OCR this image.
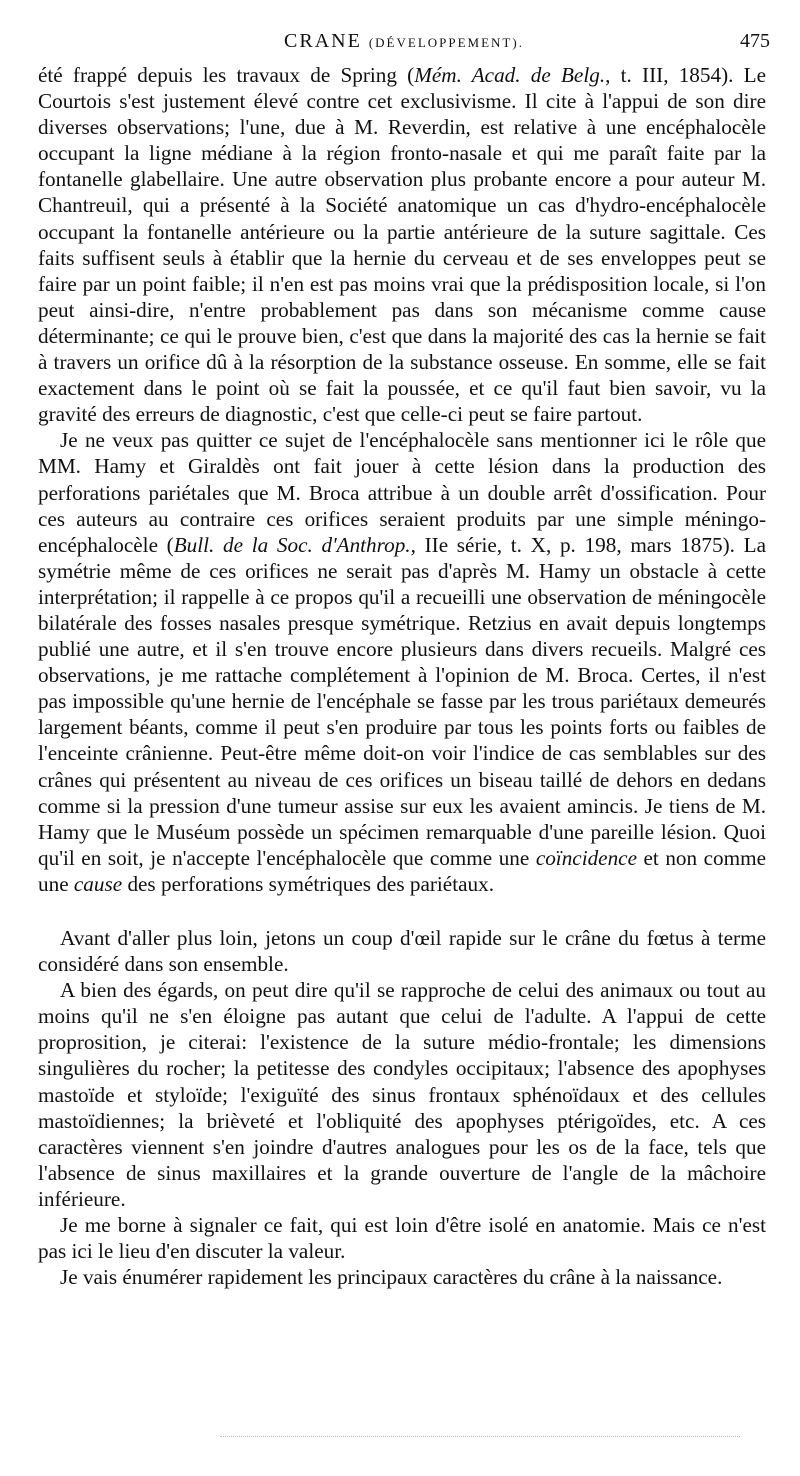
CRANE (DÉVELOPPEMENT).	475

été frappé depuis les travaux de Spring (Mém. Acad. de Belg., t. III, 1854). Le Courtois s'est justement élevé contre cet exclusivisme. Il cite à l'appui de son dire diverses observations; l'une, due à M. Reverdin, est relative à une encéphalocèle occupant la ligne médiane à la région fronto-nasale et qui me paraît faite par la fontanelle glabellaire. Une autre observation plus probante encore a pour auteur M. Chantreuil, qui a présenté à la Société anatomique un cas d'hydro-encéphalocèle occupant la fontanelle antérieure ou la partie antérieure de la suture sagittale. Ces faits suffisent seuls à établir que la hernie du cerveau et de ses enveloppes peut se faire par un point faible; il n'en est pas moins vrai que la prédisposition locale, si l'on peut ainsi-dire, n'entre probablement pas dans son mécanisme comme cause déterminante; ce qui le prouve bien, c'est que dans la majorité des cas la hernie se fait à travers un orifice dû à la résorption de la substance osseuse. En somme, elle se fait exactement dans le point où se fait la poussée, et ce qu'il faut bien savoir, vu la gravité des erreurs de diagnostic, c'est que celle-ci peut se faire partout.

Je ne veux pas quitter ce sujet de l'encéphalocèle sans mentionner ici le rôle que MM. Hamy et Giraldès ont fait jouer à cette lésion dans la production des perforations pariétales que M. Broca attribue à un double arrêt d'ossification. Pour ces auteurs au contraire ces orifices seraient produits par une simple méningo-encéphalocèle (Bull. de la Soc. d'Anthrop., IIe série, t. X, p. 198, mars 1875). La symétrie même de ces orifices ne serait pas d'après M. Hamy un obstacle à cette interprétation; il rappelle à ce propos qu'il a recueilli une observation de méningocèle bilatérale des fosses nasales presque symétrique. Retzius en avait depuis longtemps publié une autre, et il s'en trouve encore plusieurs dans divers recueils. Malgré ces observations, je me rattache complétement à l'opinion de M. Broca. Certes, il n'est pas impossible qu'une hernie de l'encéphale se fasse par les trous pariétaux demeurés largement béants, comme il peut s'en produire par tous les points forts ou faibles de l'enceinte crânienne. Peut-être même doit-on voir l'indice de cas semblables sur des crânes qui présentent au niveau de ces orifices un biseau taillé de dehors en dedans comme si la pression d'une tumeur assise sur eux les avaient amincis. Je tiens de M. Hamy que le Muséum possède un spécimen remarquable d'une pareille lésion. Quoi qu'il en soit, je n'accepte l'encéphalocèle que comme une coïncidence et non comme une cause des perforations symétriques des pariétaux.

Avant d'aller plus loin, jetons un coup d'œil rapide sur le crâne du fœtus à terme considéré dans son ensemble.

A bien des égards, on peut dire qu'il se rapproche de celui des animaux ou tout au moins qu'il ne s'en éloigne pas autant que celui de l'adulte. A l'appui de cette proprosition, je citerai: l'existence de la suture médio-frontale; les dimensions singulières du rocher; la petitesse des condyles occipitaux; l'absence des apophyses mastoïde et styloïde; l'exiguïté des sinus frontaux sphénoïdaux et des cellules mastoïdiennes; la brièveté et l'obliquité des apophyses ptérigoïdes, etc. A ces caractères viennent s'en joindre d'autres analogues pour les os de la face, tels que l'absence de sinus maxillaires et la grande ouverture de l'angle de la mâchoire inférieure.

Je me borne à signaler ce fait, qui est loin d'être isolé en anatomie. Mais ce n'est pas ici le lieu d'en discuter la valeur.

Je vais énumérer rapidement les principaux caractères du crâne à la naissance.
